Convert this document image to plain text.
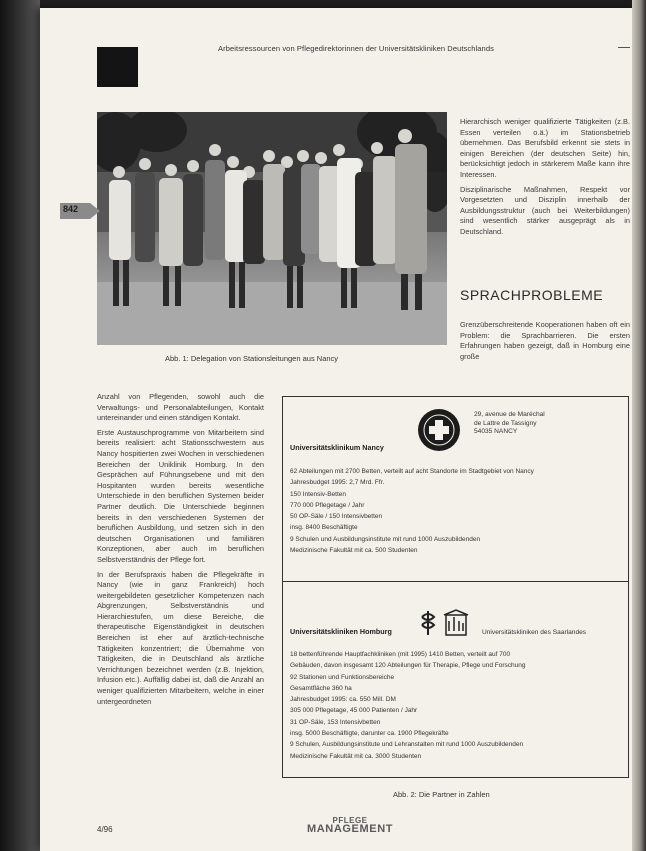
Arbeitsressourcen von Pflegedirektorinnen der Universitätskliniken Deutschlands
Abb. 1: Delegation von Stationsleitungen aus Nancy
842

Hierarchisch weniger qualifizierte Tätigkeiten (z.B. Essen verteilen o.ä.) im Stationsbetrieb übernehmen. Das Berufsbild erkennt sie stets in einigen Bereichen (der deutschen Seite) hin, berücksichtigt jedoch in stärkerem Maße kann ihre Interessen.

Disziplinarische Maßnahmen, Respekt vor Vorgesetzten und Disziplin innerhalb der Ausbildungsstruktur (auch bei Weiterbildungen) sind wesentlich stärker ausgeprägt als in Deutschland.

SPRACHPROBLEME

Grenzüberschreitende Kooperationen haben oft ein Problem: die Sprachbarrieren. Die ersten Erfahrungen haben gezeigt, daß in Homburg eine große

Anzahl von Pflegenden, sowohl auch die Verwaltungs- und Personalabteilungen, Kontakt untereinander und einen ständigen Kontakt.

Erste Austauschprogramme von Mitarbeitern sind bereits realisiert: acht Stationsschwestern aus Nancy hospitierten zwei Wochen in verschiedenen Bereichen der Uniklinik Homburg. In den Gesprächen auf Führungsebene und mit den Hospitanten wurden bereits wesentliche Unterschiede in den beruflichen Systemen beider Partner deutlich. Die Unterschiede beginnen bereits in den verschiedenen Systemen der beruflichen Ausbildung, und setzen sich in den deutschen Organisationen und familiären Konzeptionen, aber auch im beruflichen Selbstverständnis der Pflege fort.

In der Berufspraxis haben die Pflegekräfte in Nancy (wie in ganz Frankreich) hoch weitergebildeten gesetzlicher Kompetenzen nach Abgrenzungen, Selbstverständnis und Hierarchiestufen, um diese Bereiche, die therapeutische Eigenständigkeit in deutschen Bereichen ist eher auf ärztlich-technische Tätigkeiten konzentriert; die Übernahme von Tätigkeiten, die in Deutschland als ärztliche Verrichtungen bezeichnet werden (z.B. Injektion, Infusion etc.). Auffällig dabei ist, daß die Anzahl an weniger qualifizierten Mitarbeitern, welche in einer untergeordneten

29, avenue de Maréchal
de Lattre de Tassigny
54035 NANCY
Universitätsklinikum Nancy
62 Abteilungen mit 2700 Betten, verteilt auf acht Standorte im Stadtgebiet von Nancy
Jahresbudget 1995: 2,7 Mrd. Ffr.
150 Intensiv-Betten
770 000 Pflegetage / Jahr
50 OP-Säle / 150 Intensivbetten
insg. 8400 Beschäftigte
9 Schulen und Ausbildungsinstitute mit rund 1000 Auszubildenden
Medizinische Fakultät mit ca. 500 Studenten
Universitätskliniken Homburg	Universitätskliniken des Saarlandes
18 bettenführende Hauptfachkliniken (mit 1995) 1410 Betten, verteilt auf 700
Gebäuden, davon insgesamt 120 Abteilungen für Therapie, Pflege und Forschung
92 Stationen und Funktionsbereiche
Gesamtfläche 360 ha
Jahresbudget 1995: ca. 550 Mill. DM
305 000 Pflegetage, 45 000 Patienten / Jahr
31 OP-Säle, 153 Intensivbetten
insg. 5000 Beschäftigte, darunter ca. 1900 Pflegekräfte
9 Schulen, Ausbildungsinstitute und Lehranstalten mit rund 1000 Auszubildenden
Medizinische Fakultät mit ca. 3000 Studenten
Abb. 2: Die Partner in Zahlen
4/96
PFLEGE
MANAGEMENT
